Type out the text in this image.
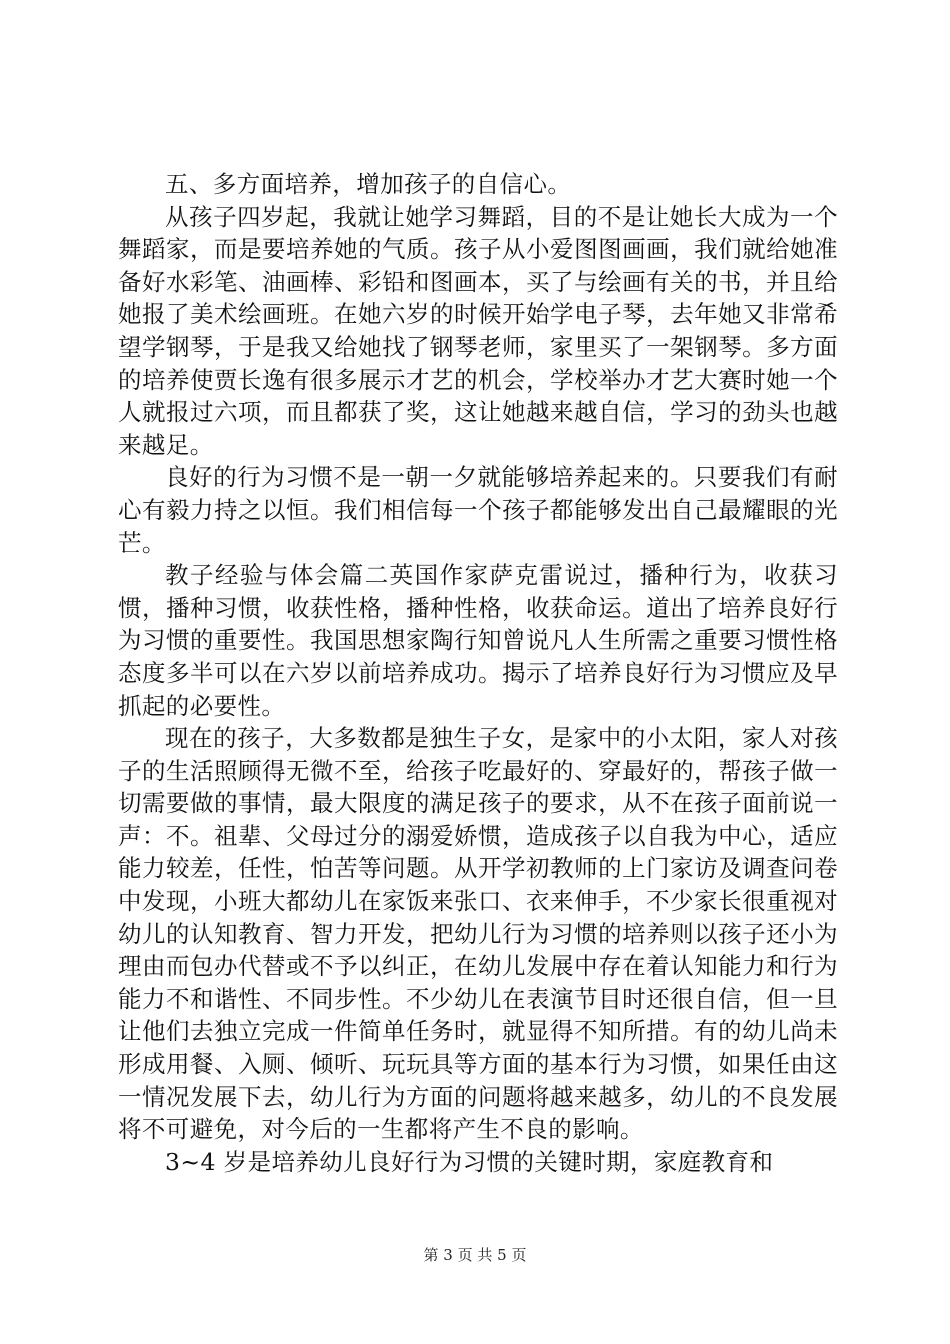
五、多方面培养，增加孩子的自信心。

从孩子四岁起，我就让她学习舞蹈，目的不是让她长大成为一个舞蹈家，而是要培养她的气质。孩子从小爱图图画画，我们就给她准备好水彩笔、油画棒、彩铅和图画本，买了与绘画有关的书，并且给她报了美术绘画班。在她六岁的时候开始学电子琴，去年她又非常希望学钢琴，于是我又给她找了钢琴老师，家里买了一架钢琴。多方面的培养使贾长逸有很多展示才艺的机会，学校举办才艺大赛时她一个人就报过六项，而且都获了奖，这让她越来越自信，学习的劲头也越来越足。

良好的行为习惯不是一朝一夕就能够培养起来的。只要我们有耐心有毅力持之以恒。我们相信每一个孩子都能够发出自己最耀眼的光芒。

教子经验与体会篇二英国作家萨克雷说过，播种行为，收获习惯，播种习惯，收获性格，播种性格，收获命运。道出了培养良好行为习惯的重要性。我国思想家陶行知曾说凡人生所需之重要习惯性格态度多半可以在六岁以前培养成功。揭示了培养良好行为习惯应及早抓起的必要性。

现在的孩子，大多数都是独生子女，是家中的小太阳，家人对孩子的生活照顾得无微不至，给孩子吃最好的、穿最好的，帮孩子做一切需要做的事情，最大限度的满足孩子的要求，从不在孩子面前说一声：不。祖辈、父母过分的溺爱娇惯，造成孩子以自我为中心，适应能力较差，任性，怕苦等问题。从开学初教师的上门家访及调查问卷中发现，小班大都幼儿在家饭来张口、衣来伸手，不少家长很重视对幼儿的认知教育、智力开发，把幼儿行为习惯的培养则以孩子还小为理由而包办代替或不予以纠正，在幼儿发展中存在着认知能力和行为能力不和谐性、不同步性。不少幼儿在表演节目时还很自信，但一旦让他们去独立完成一件简单任务时，就显得不知所措。有的幼儿尚未形成用餐、入厕、倾听、玩玩具等方面的基本行为习惯，如果任由这一情况发展下去，幼儿行为方面的问题将越来越多，幼儿的不良发展将不可避免，对今后的一生都将产生不良的影响。

3~4 岁是培养幼儿良好行为习惯的关键时期，家庭教育和

第 3 页 共 5 页
